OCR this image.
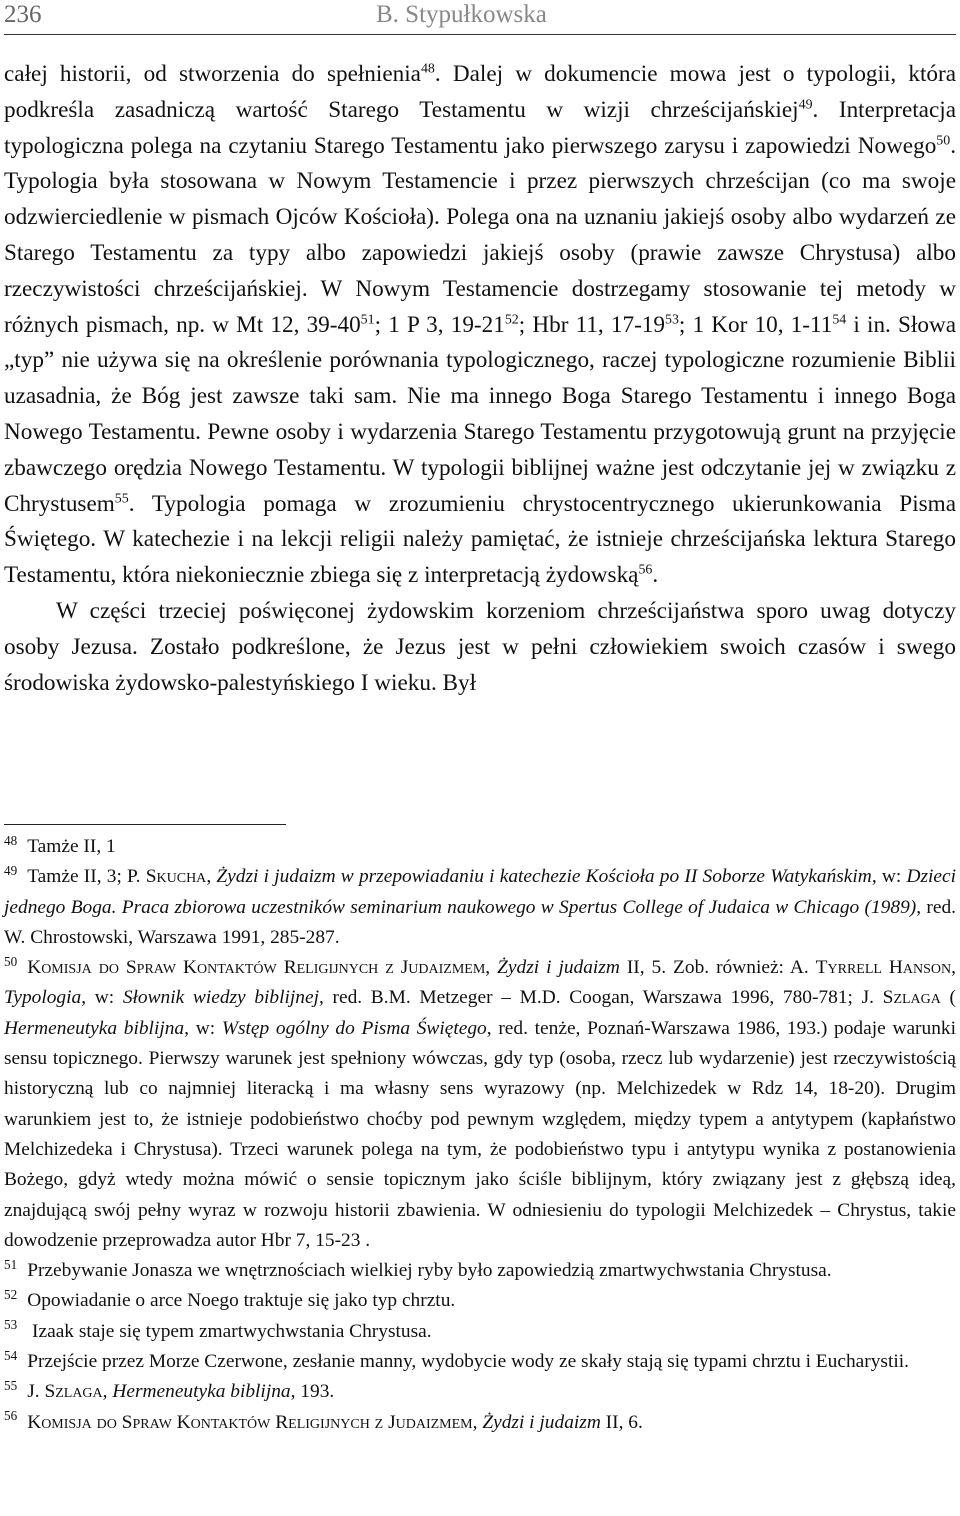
236	B. Stypułkowska

całej historii, od stworzenia do spełnienia$^{48}$. Dalej w dokumencie mowa jest o typologii, która podkreśla zasadniczą wartość Starego Testamentu w wizji chrześcijańskiej$^{49}$. Interpretacja typologiczna polega na czytaniu Starego Testamentu jako pierwszego zarysu i zapowiedzi Nowego$^{50}$. Typologia była stosowana w Nowym Testamencie i przez pierwszych chrześcijan (co ma swoje odzwierciedlenie w pismach Ojców Kościoła). Polega ona na uznaniu jakiejś osoby albo wydarzeń ze Starego Testamentu za typy albo zapowiedzi jakiejś osoby (prawie zawsze Chrystusa) albo rzeczywistości chrześcijańskiej. W Nowym Testamencie dostrzegamy stosowanie tej metody w różnych pismach, np. w Mt 12, $39-40^{51}$; 1 P 3, $19-21^{52}$; Hbr 11, $17-19^{53}$; 1 Kor 10, $1-11^{54}$ i in. Słowa „typ” nie używa się na określenie porównania typologicznego, raczej typologiczne rozumienie Biblii uzasadnia, że Bóg jest zawsze taki sam. Nie ma innego Boga Starego Testamentu i innego Boga Nowego Testamentu. Pewne osoby i wydarzenia Starego Testamentu przygotowują grunt na przyjęcie zbawczego orędzia Nowego Testamentu. W typologii biblijnej ważne jest odczytanie jej w związku z Chrystusem$^{55}$. Typologia pomaga w zrozumieniu chrystocentrycznego ukierunkowania Pisma Świętego. W katechezie i na lekcji religii należy pamiętać, że istnieje chrześcijańska lektura Starego Testamentu, która niekoniecznie zbiega się z interpretacją żydowską$^{56}$.

W części trzeciej poświęconej żydowskim korzeniom chrześcijaństwa sporo uwag dotyczy osoby Jezusa. Zostało podkreślone, że Jezus jest w pełni człowiekiem swoich czasów i swego środowiska żydowsko-palestyńskiego I wieku. Był

$^{48}$ Tamże II, 1

$^{49}$ Tamże II, 3; P. Skucha, Żydzi i judaizm w przepowiadaniu i katechezie Kościoła po II Soborze Watykańskim, w: Dzieci jednego Boga. Praca zbiorowa uczestników seminarium naukowego w Spertus College of Judaica w Chicago (1989), red. W. Chrostowski, Warszawa 1991, 285-287.

$^{50}$ Komisja do Spraw Kontaktów Religijnych z Judaizmem, Żydzi i judaizm II, 5. Zob. również: A. Tyrrell Hanson, Typologia, w: Słownik wiedzy biblijnej, red. B.M. Metzeger – M.D. Coogan, Warszawa 1996, 780-781; J. Szlaga ( Hermeneutyka biblijna, w: Wstęp ogólny do Pisma Świętego, red. tenże, Poznań-Warszawa 1986, 193.) podaje warunki sensu topicznego. Pierwszy warunek jest spełniony wówczas, gdy typ (osoba, rzecz lub wydarzenie) jest rzeczywistością historyczną lub co najmniej literacką i ma własny sens wyrazowy (np. Melchizedek w Rdz 14, 18-20). Drugim warunkiem jest to, że istnieje podobieństwo choćby pod pewnym względem, między typem a antytypem (kapłaństwo Melchizedeka i Chrystusa). Trzeci warunek polega na tym, że podobieństwo typu i antytypu wynika z postanowienia Bożego, gdyż wtedy można mówić o sensie topicznym jako ściśle biblijnym, który związany jest z głębszą ideą, znajdującą swój pełny wyraz w rozwoju historii zbawienia. W odniesieniu do typologii Melchizedek – Chrystus, takie dowodzenie przeprowadza autor Hbr 7, 15-23 .

$^{51}$ Przebywanie Jonasza we wnętrznościach wielkiej ryby było zapowiedzią zmartwychwstania Chrystusa.

$^{52}$ Opowiadanie o arce Noego traktuje się jako typ chrztu.

$^{53}$ Izaak staje się typem zmartwychwstania Chrystusa.

$^{54}$ Przejście przez Morze Czerwone, zesłanie manny, wydobycie wody ze skały stają się typami chrztu i Eucharystii.

$^{55}$ J. Szlaga, Hermeneutyka biblijna, 193.

$^{56}$ Komisja do Spraw Kontaktów Religijnych z Judaizmem, Żydzi i judaizm II, 6.
